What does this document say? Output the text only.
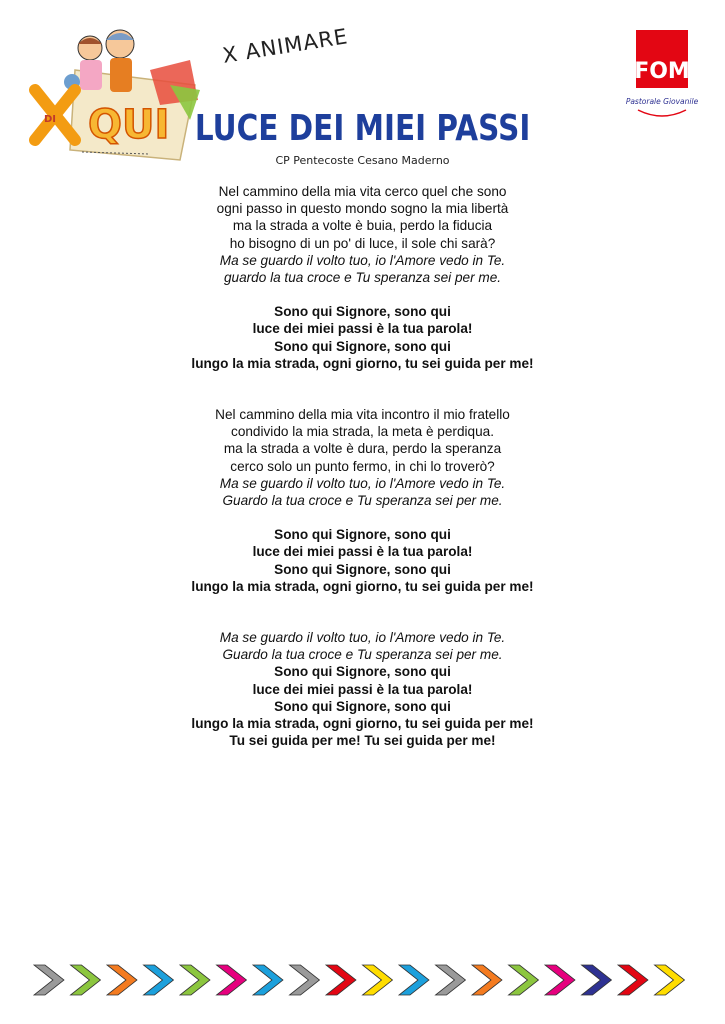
DI QUI
X ANIMARE
FOM
Pastorale Giovanile
LUCE DEI MIEI PASSI
CP Pentecoste Cesano Maderno

Nel cammino della mia vita cerco quel che sono

ogni passo in questo mondo sogno la mia libertà

ma la strada a volte è buia, perdo la fiducia

ho bisogno di un po' di luce, il sole chi sarà?

Ma se guardo il volto tuo, io l'Amore vedo in Te.

guardo la tua croce e Tu speranza sei per me.

Sono qui Signore, sono qui

luce dei miei passi è la tua parola!

Sono qui Signore, sono qui

lungo la mia strada, ogni giorno, tu sei guida per me!

Nel cammino della mia vita incontro il mio fratello

condivido la mia strada, la meta è perdiqua.

ma la strada a volte è dura, perdo la speranza

cerco solo un punto fermo, in chi lo troverò?

Ma se guardo il volto tuo, io l'Amore vedo in Te.

Guardo la tua croce e Tu speranza sei per me.

Sono qui Signore, sono qui

luce dei miei passi è la tua parola!

Sono qui Signore, sono qui

lungo la mia strada, ogni giorno, tu sei guida per me!

Ma se guardo il volto tuo, io l'Amore vedo in Te.

Guardo la tua croce e Tu speranza sei per me.

Sono qui Signore, sono qui

luce dei miei passi è la tua parola!

Sono qui Signore, sono qui

lungo la mia strada, ogni giorno, tu sei guida per me!

Tu sei guida per me! Tu sei guida per me!
